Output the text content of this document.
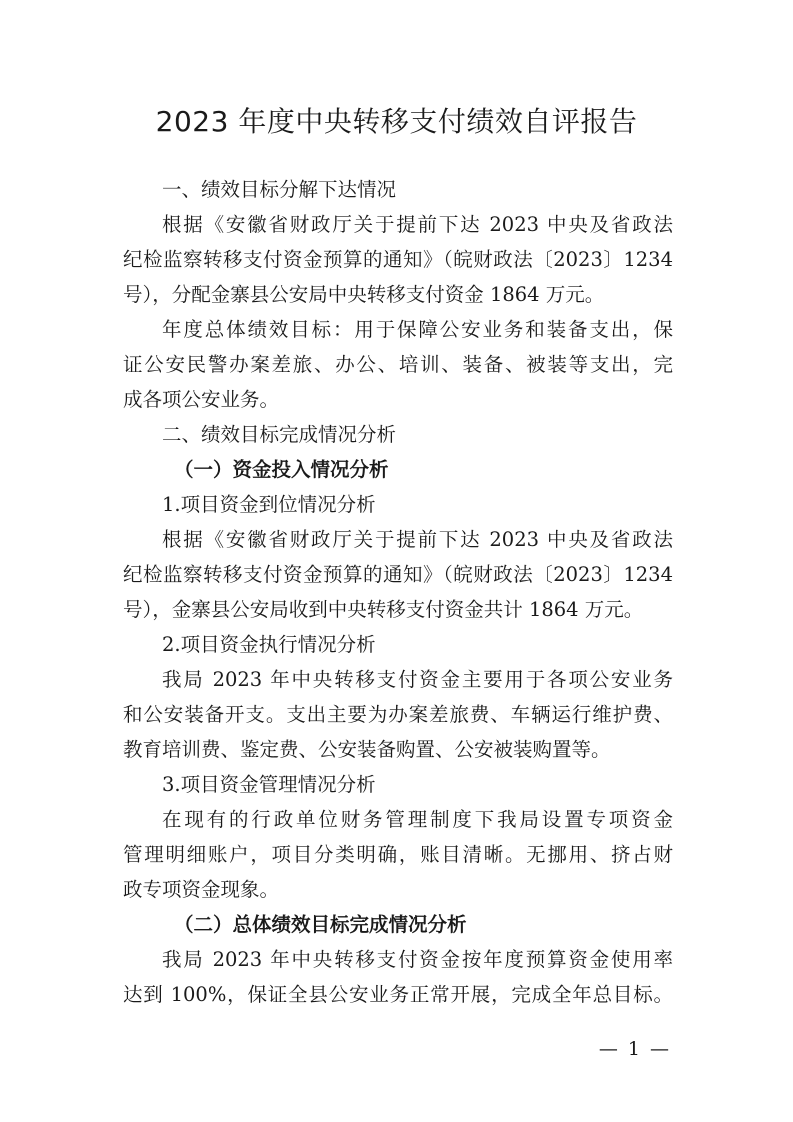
2023 年度中央转移支付绩效自评报告

一、绩效目标分解下达情况

根据《安徽省财政厅关于提前下达 2023 中央及省政法

纪检监察转移支付资金预算的通知》（皖财政法〔2023〕1234

号），分配金寨县公安局中央转移支付资金 1864 万元。

年度总体绩效目标：用于保障公安业务和装备支出，保

证公安民警办案差旅、办公、培训、装备、被装等支出，完

成各项公安业务。

二、绩效目标完成情况分析

（一）资金投入情况分析

1.项目资金到位情况分析

根据《安徽省财政厅关于提前下达 2023 中央及省政法

纪检监察转移支付资金预算的通知》（皖财政法〔2023〕1234

号），金寨县公安局收到中央转移支付资金共计 1864 万元。

2.项目资金执行情况分析

我局 2023 年中央转移支付资金主要用于各项公安业务

和公安装备开支。支出主要为办案差旅费、车辆运行维护费、

教育培训费、鉴定费、公安装备购置、公安被装购置等。

3.项目资金管理情况分析

在现有的行政单位财务管理制度下我局设置专项资金

管理明细账户，项目分类明确，账目清晰。无挪用、挤占财

政专项资金现象。

（二）总体绩效目标完成情况分析

我局 2023 年中央转移支付资金按年度预算资金使用率

达到 100%，保证全县公安业务正常开展，完成全年总目标。

— 1 —
